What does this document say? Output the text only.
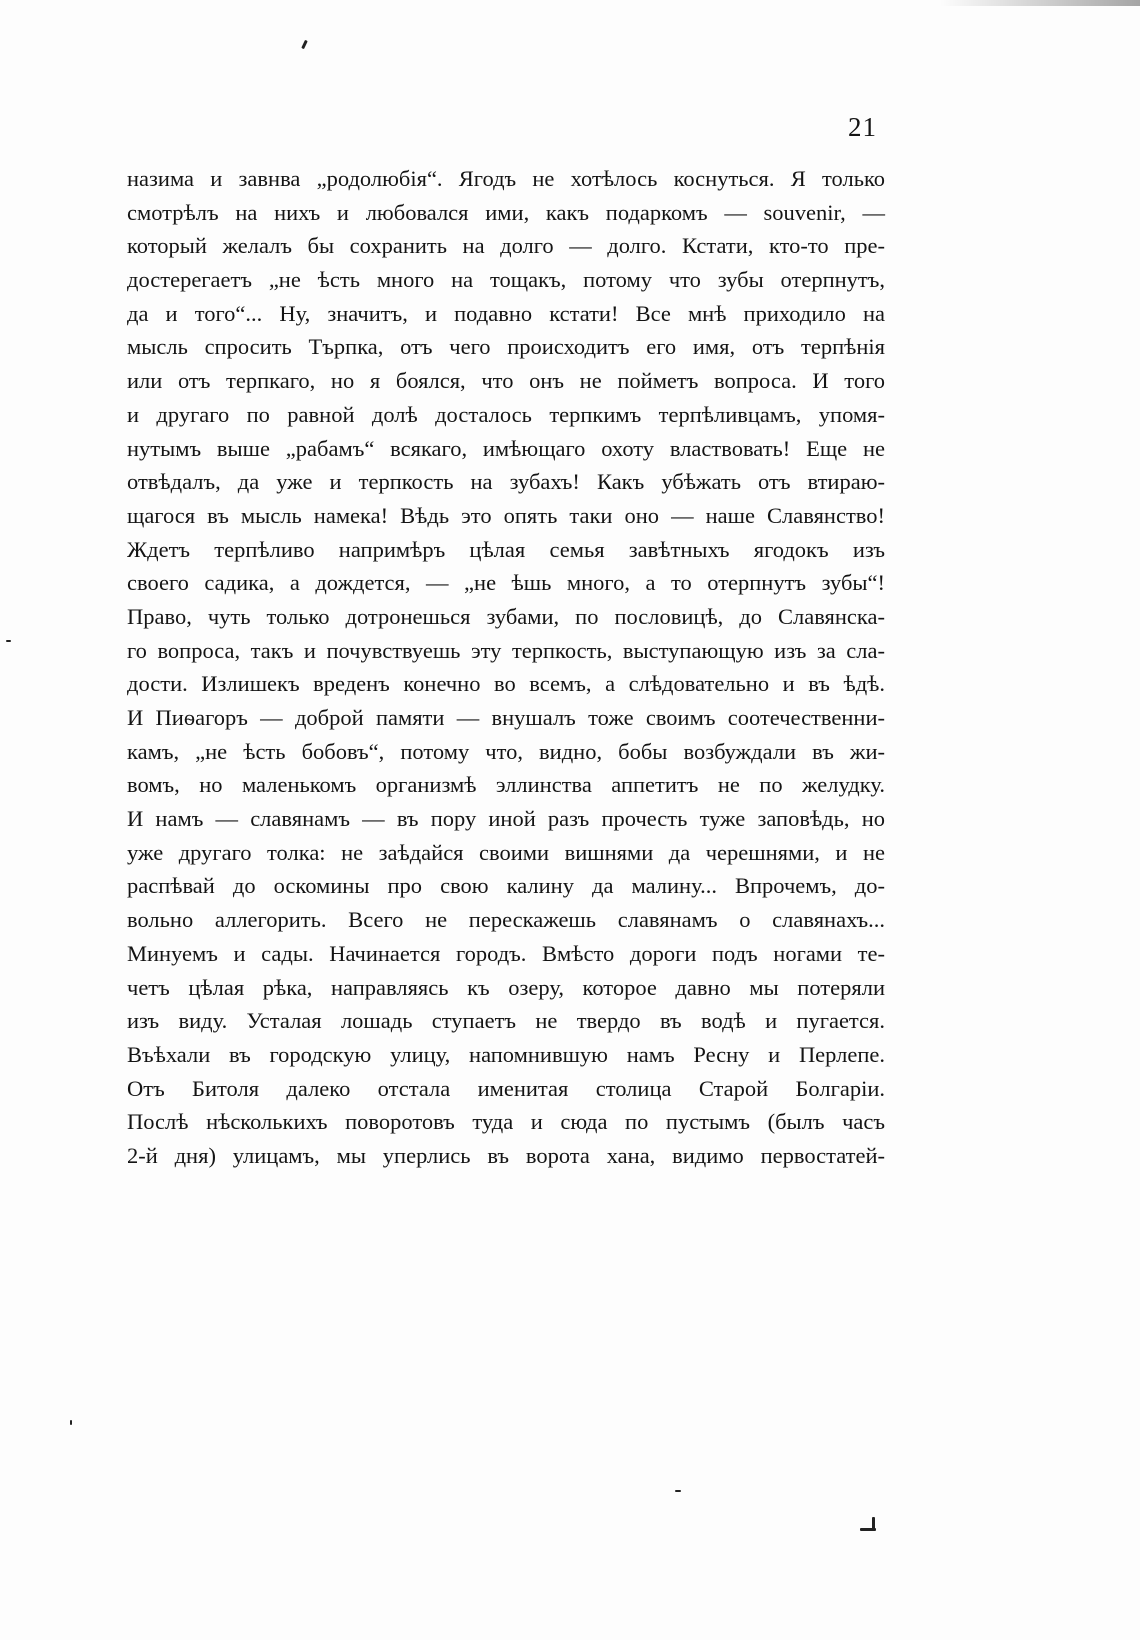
21
назима и завнва „родолюбія“. Ягодъ не хотѣлось коснуться. Я только
смотрѣлъ на нихъ и любовался ими, какъ подаркомъ — souvenir, —
который желалъ бы сохранить на долго — долго. Кстати, кто-то пре-
достерегаетъ „не ѣсть много на тощакъ, потому что зубы отерпнутъ,
да и того“... Ну, значитъ, и подавно кстати! Все мнѣ приходило на
мысль спросить Търпка, отъ чего происходитъ его имя, отъ терпѣнія
или отъ терпкаго, но я боялся, что онъ не пойметъ вопроса. И того
и другаго по равной долѣ досталось терпкимъ терпѣливцамъ, упомя-
нутымъ выше „рабамъ“ всякаго, имѣющаго охоту властвовать! Еще не
отвѣдалъ, да уже и терпкость на зубахъ! Какъ убѣжать отъ втираю-
щагося въ мысль намека! Вѣдь это опять таки оно — наше Славянство!
Ждетъ терпѣливо напримѣръ цѣлая семья завѣтныхъ ягодокъ изъ
своего садика, а дождется, — „не ѣшь много, а то отерпнутъ зубы“!
Право, чуть только дотронешься зубами, по пословицѣ, до Славянска-
го вопроса, такъ и почувствуешь эту терпкость, выступающую изъ за сла-
дости. Излишекъ вреденъ конечно во всемъ, а слѣдовательно и въ ѣдѣ.
И Пиѳагоръ — доброй памяти — внушалъ тоже своимъ соотечественни-
камъ, „не ѣсть бобовъ“, потому что, видно, бобы возбуждали въ жи-
вомъ, но маленькомъ организмѣ эллинства аппетитъ не по желудку.
И намъ — славянамъ — въ пору иной разъ прочесть туже заповѣдь, но
уже другаго толка: не заѣдайся своими вишнями да черешнями, и не
распѣвай до оскомины про свою калину да малину... Впрочемъ, до-
вольно аллегорить. Всего не перескажешь славянамъ о славянахъ...
Минуемъ и сады. Начинается городъ. Вмѣсто дороги подъ ногами те-
четъ цѣлая рѣка, направляясь къ озеру, которое давно мы потеряли
изъ виду. Усталая лошадь ступаетъ не твердо въ водѣ и пугается.
Въѣхали въ городскую улицу, напомнившую намъ Ресну и Перлепе.
Отъ Битоля далеко отстала именитая столица Старой Болгаріи.
Послѣ нѣсколькихъ поворотовъ туда и сюда по пустымъ (былъ часъ
2-й дня) улицамъ, мы уперлись въ ворота хана, видимо первостатей-
